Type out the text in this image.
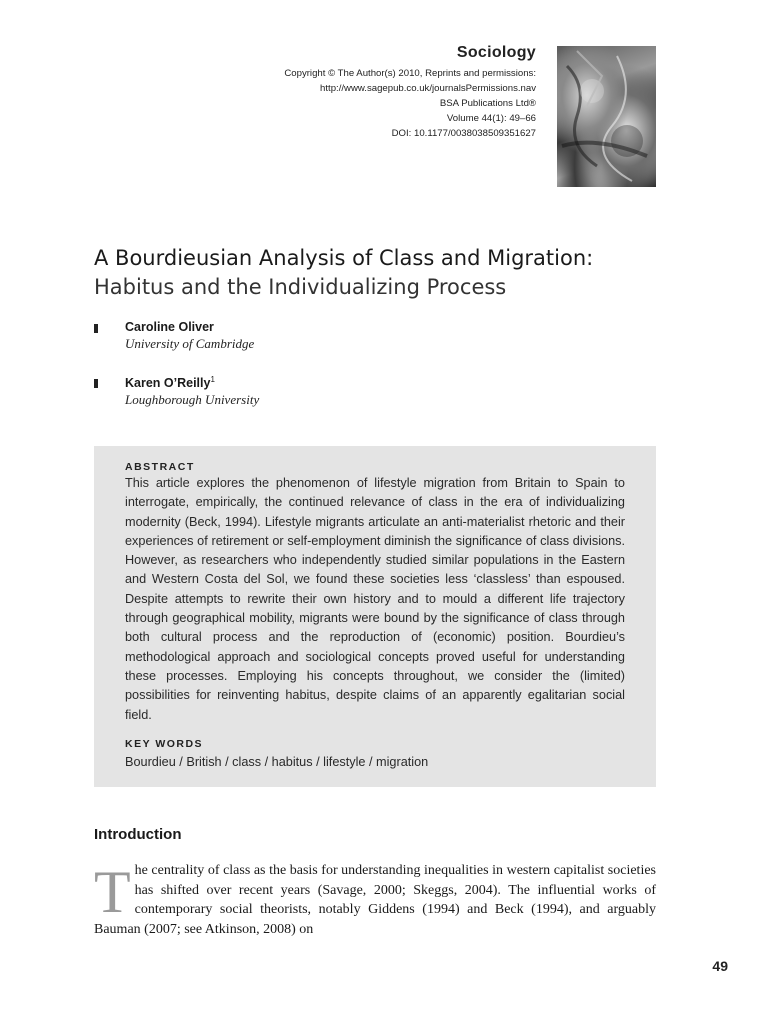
Sociology
Copyright © The Author(s) 2010, Reprints and permissions:
http://www.sagepub.co.uk/journalsPermissions.nav
BSA Publications Ltd®
Volume 44(1): 49–66
DOI: 10.1177/0038038509351627
A Bourdieusian Analysis of Class and Migration:
Habitus and the Individualizing Process
Caroline Oliver
University of Cambridge
Karen O’Reilly$^1$
Loughborough University
ABSTRACT
This article explores the phenomenon of lifestyle migration from Britain to Spain to interrogate, empirically, the continued relevance of class in the era of individualizing modernity (Beck, 1994). Lifestyle migrants articulate an anti-materialist rhetoric and their experiences of retirement or self-employment diminish the significance of class divisions. However, as researchers who independently studied similar populations in the Eastern and Western Costa del Sol, we found these societies less ‘classless’ than espoused. Despite attempts to rewrite their own history and to mould a different life trajectory through geographical mobility, migrants were bound by the significance of class through both cultural process and the reproduction of (economic) position. Bourdieu’s methodological approach and sociological concepts proved useful for understanding these processes. Employing his concepts throughout, we consider the (limited) possibilities for reinventing habitus, despite claims of an apparently egalitarian social field.
KEY WORDS
Bourdieu / British / class / habitus / lifestyle / migration
Introduction
T he centrality of class as the basis for understanding inequalities in western capitalist societies has shifted over recent years (Savage, 2000; Skeggs, 2004). The influential works of contemporary social theorists, notably Giddens (1994) and Beck (1994), and arguably Bauman (2007; see Atkinson, 2008) on
49
